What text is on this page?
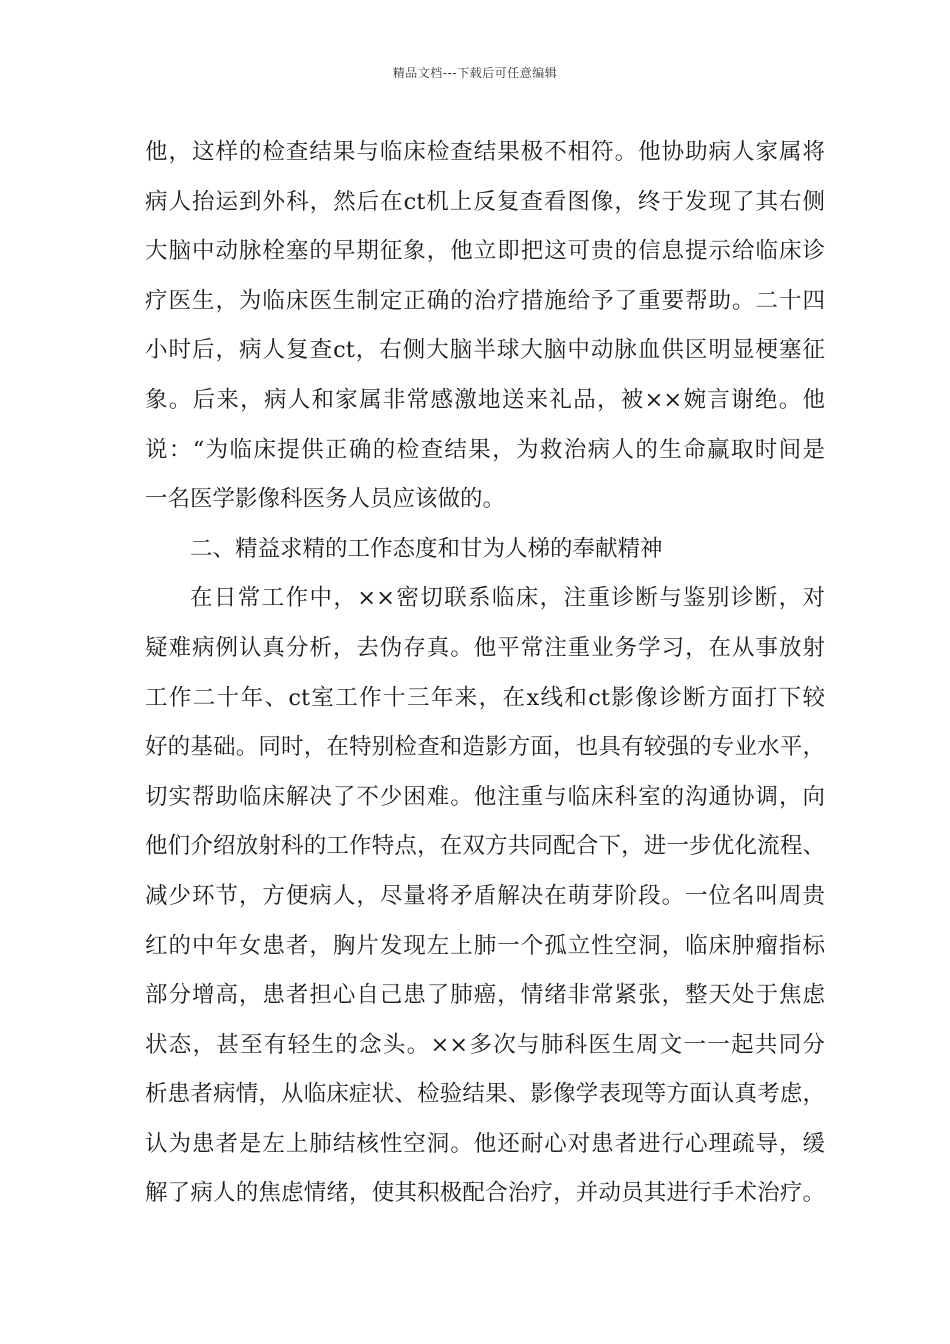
精品文档---下载后可任意编辑
他，这样的检查结果与临床检查结果极不相符。他协助病人家属将
病人抬运到外科，然后在ct机上反复查看图像，终于发现了其右侧
大脑中动脉栓塞的早期征象，他立即把这可贵的信息提示给临床诊
疗医生，为临床医生制定正确的治疗措施给予了重要帮助。二十四
小时后，病人复查ct，右侧大脑半球大脑中动脉血供区明显梗塞征
象。后来，病人和家属非常感激地送来礼品，被××婉言谢绝。他
说：“为临床提供正确的检查结果，为救治病人的生命赢取时间是
一名医学影像科医务人员应该做的。
二、精益求精的工作态度和甘为人梯的奉献精神
在日常工作中，××密切联系临床，注重诊断与鉴别诊断，对
疑难病例认真分析，去伪存真。他平常注重业务学习，在从事放射
工作二十年、ct室工作十三年来，在x线和ct影像诊断方面打下较
好的基础。同时，在特别检查和造影方面，也具有较强的专业水平，
切实帮助临床解决了不少困难。他注重与临床科室的沟通协调，向
他们介绍放射科的工作特点，在双方共同配合下，进一步优化流程、
减少环节，方便病人，尽量将矛盾解决在萌芽阶段。一位名叫周贵
红的中年女患者，胸片发现左上肺一个孤立性空洞，临床肿瘤指标
部分增高，患者担心自己患了肺癌，情绪非常紧张，整天处于焦虑
状态，甚至有轻生的念头。××多次与肺科医生周文一一起共同分
析患者病情，从临床症状、检验结果、影像学表现等方面认真考虑，
认为患者是左上肺结核性空洞。他还耐心对患者进行心理疏导，缓
解了病人的焦虑情绪，使其积极配合治疗，并动员其进行手术治疗。
